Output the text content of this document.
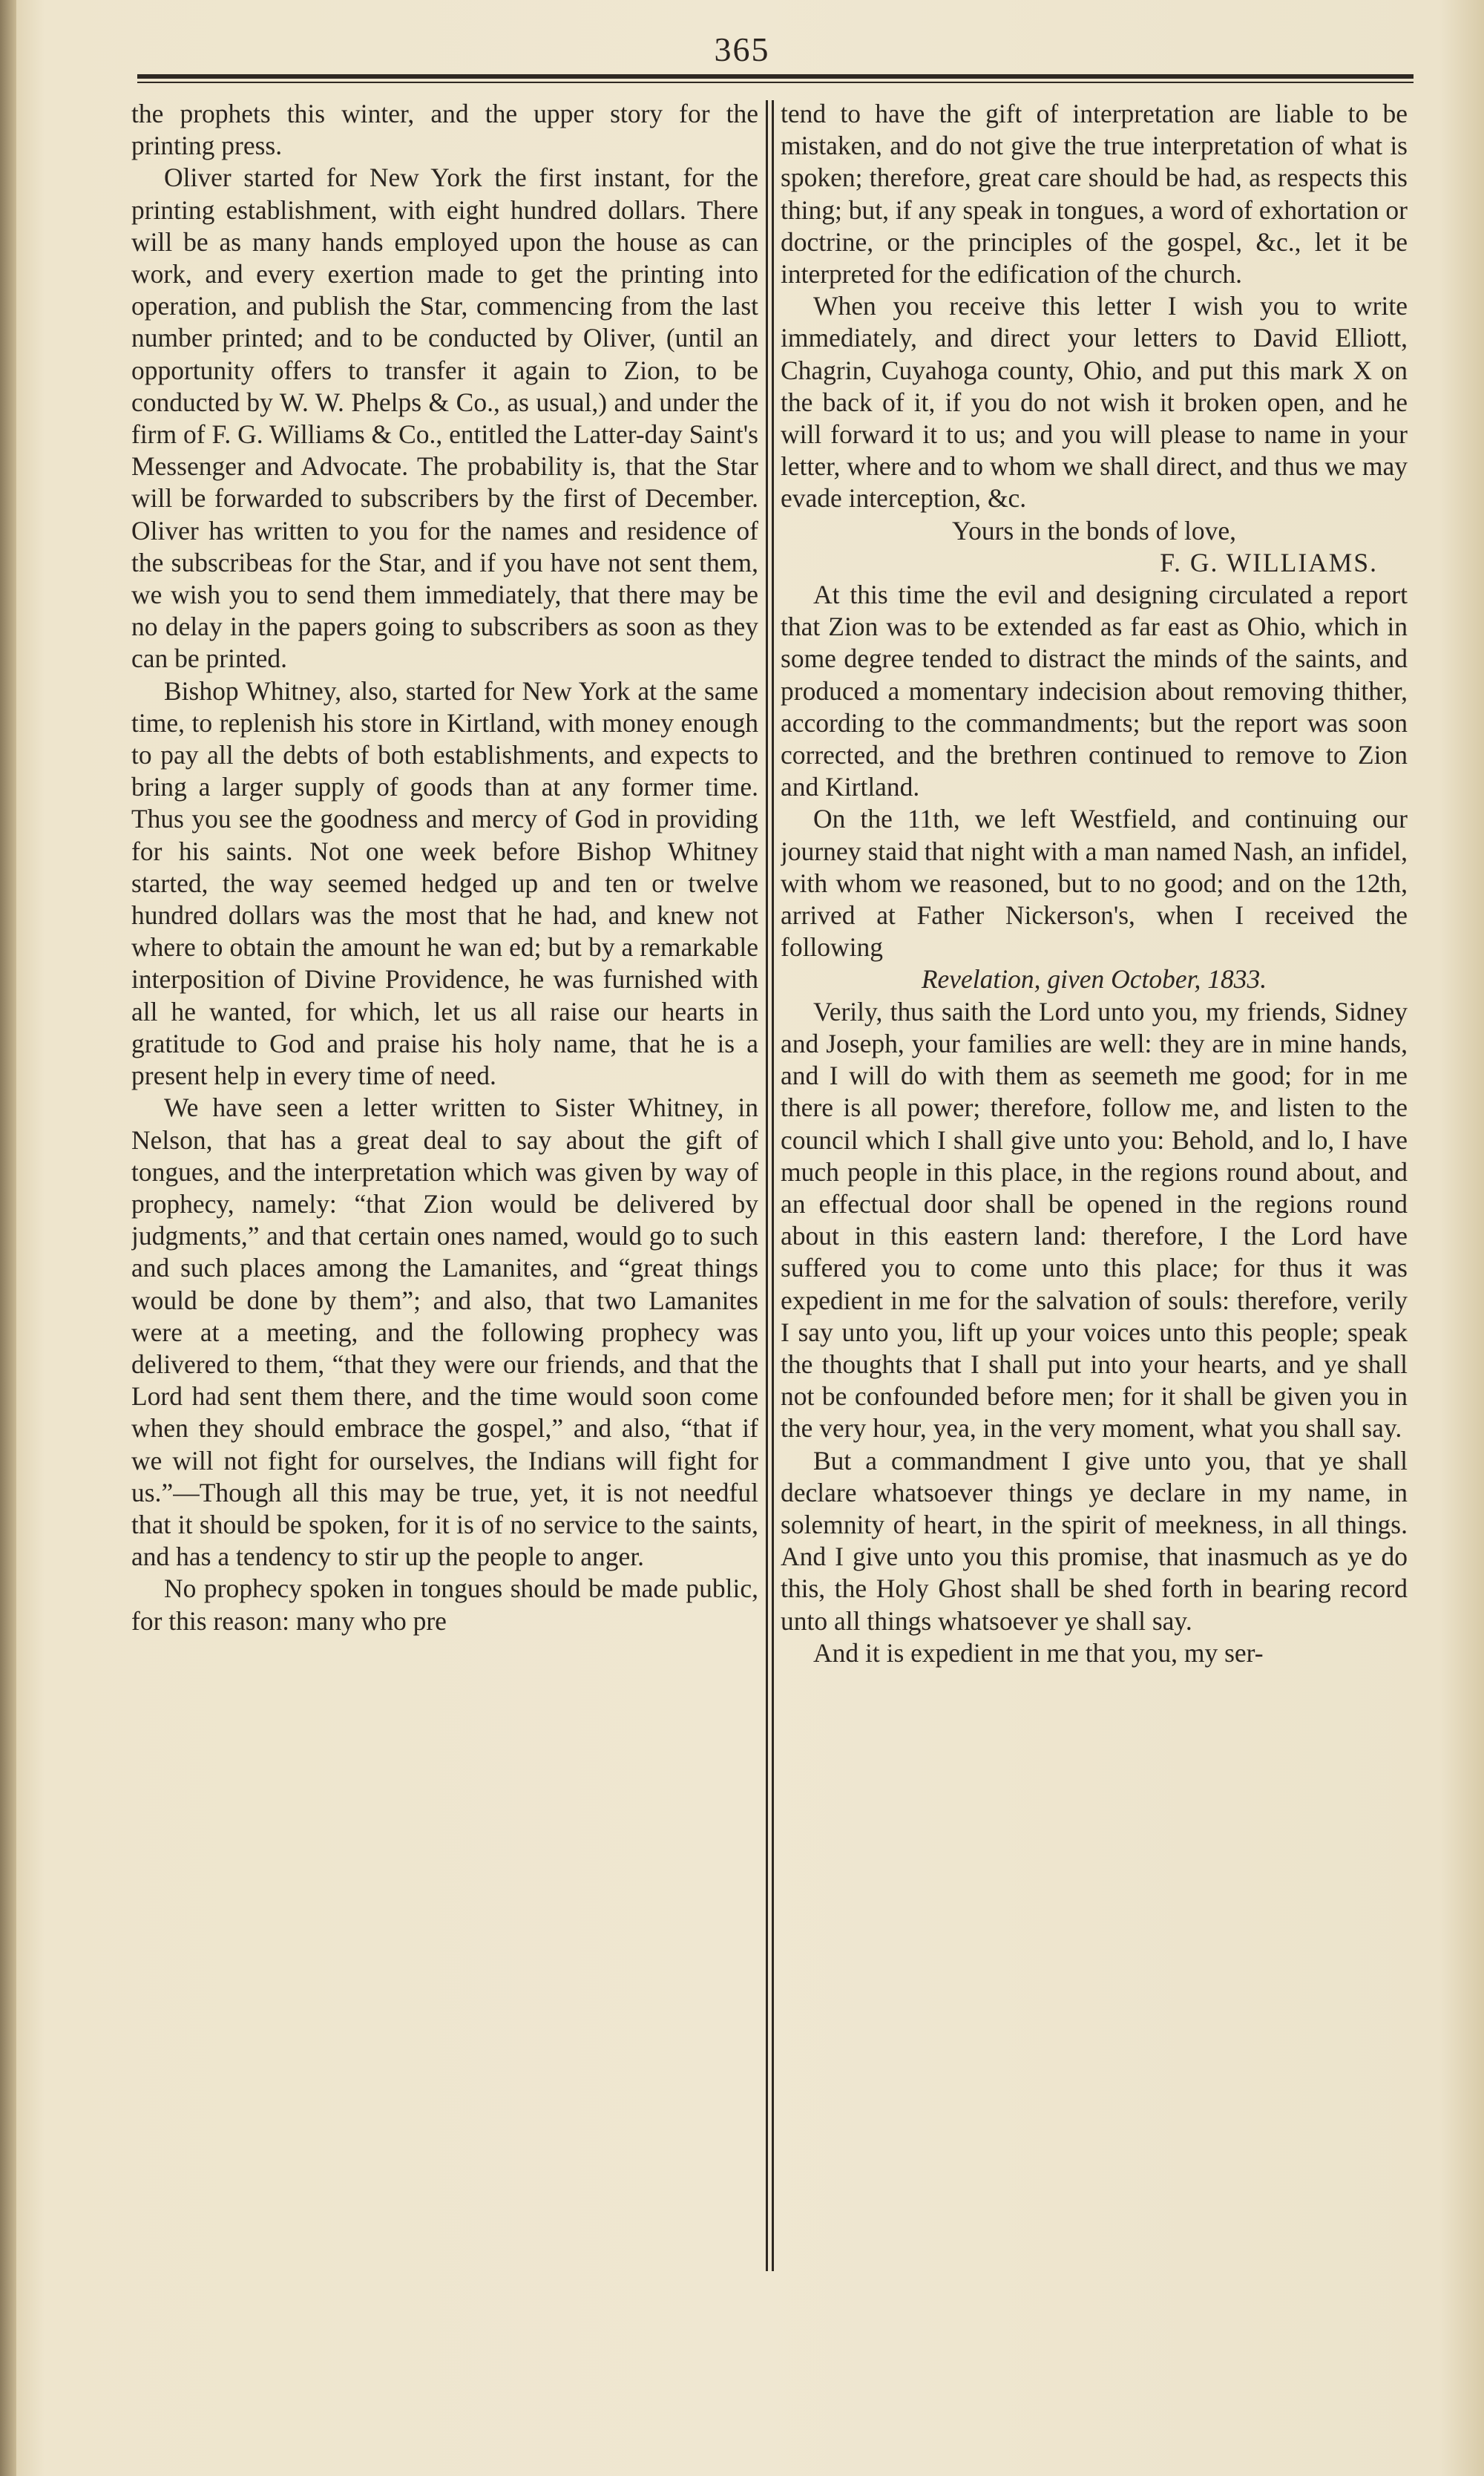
365

the prophets this winter, and the upper story for the printing press.

Oliver started for New York the first instant, for the printing establishment, with eight hundred dollars. There will be as many hands employed upon the house as can work, and every exertion made to get the printing into operation, and publish the Star, commencing from the last number printed; and to be conducted by Oliver, (until an opportunity offers to transfer it again to Zion, to be conducted by W. W. Phelps & Co., as usual,) and under the firm of F. G. Williams & Co., entitled the Latter-day Saint's Messenger and Advocate. The probability is, that the Star will be forwarded to subscribers by the first of December. Oliver has written to you for the names and residence of the subscribeas for the Star, and if you have not sent them, we wish you to send them immediately, that there may be no delay in the papers going to subscribers as soon as they can be printed.

Bishop Whitney, also, started for New York at the same time, to replenish his store in Kirtland, with money enough to pay all the debts of both establishments, and expects to bring a larger supply of goods than at any former time. Thus you see the goodness and mercy of God in providing for his saints. Not one week before Bishop Whitney started, the way seemed hedged up and ten or twelve hundred dollars was the most that he had, and knew not where to obtain the amount he wan ed; but by a remarkable interposition of Divine Providence, he was furnished with all he wanted, for which, let us all raise our hearts in gratitude to God and praise his holy name, that he is a present help in every time of need.

We have seen a letter written to Sister Whitney, in Nelson, that has a great deal to say about the gift of tongues, and the interpretation which was given by way of prophecy, namely: “that Zion would be delivered by judgments,” and that certain ones named, would go to such and such places among the Lamanites, and “great things would be done by them”; and also, that two Lamanites were at a meeting, and the following prophecy was delivered to them, “that they were our friends, and that the Lord had sent them there, and the time would soon come when they should embrace the gospel,” and also, “that if we will not fight for ourselves, the Indians will fight for us.”—Though all this may be true, yet, it is not needful that it should be spoken, for it is of no service to the saints, and has a tendency to stir up the people to anger.

No prophecy spoken in tongues should be made public, for this reason: many who pre

tend to have the gift of interpretation are liable to be mistaken, and do not give the true interpretation of what is spoken; therefore, great care should be had, as respects this thing; but, if any speak in tongues, a word of exhortation or doctrine, or the principles of the gospel, &c., let it be interpreted for the edification of the church.

When you receive this letter I wish you to write immediately, and direct your letters to David Elliott, Chagrin, Cuyahoga county, Ohio, and put this mark X on the back of it, if you do not wish it broken open, and he will forward it to us; and you will please to name in your letter, where and to whom we shall direct, and thus we may evade interception, &c.

Yours in the bonds of love,

F. G. WILLIAMS.

At this time the evil and designing circulated a report that Zion was to be extended as far east as Ohio, which in some degree tended to distract the minds of the saints, and produced a momentary indecision about removing thither, according to the commandments; but the report was soon corrected, and the brethren continued to remove to Zion and Kirtland.

On the 11th, we left Westfield, and continuing our journey staid that night with a man named Nash, an infidel, with whom we reasoned, but to no good; and on the 12th, arrived at Father Nickerson's, when I received the following

Revelation, given October, 1833.

Verily, thus saith the Lord unto you, my friends, Sidney and Joseph, your families are well: they are in mine hands, and I will do with them as seemeth me good; for in me there is all power; therefore, follow me, and listen to the council which I shall give unto you: Behold, and lo, I have much people in this place, in the regions round about, and an effectual door shall be opened in the regions round about in this eastern land: therefore, I the Lord have suffered you to come unto this place; for thus it was expedient in me for the salvation of souls: therefore, verily I say unto you, lift up your voices unto this people; speak the thoughts that I shall put into your hearts, and ye shall not be confounded before men; for it shall be given you in the very hour, yea, in the very moment, what you shall say.

But a commandment I give unto you, that ye shall declare whatsoever things ye declare in my name, in solemnity of heart, in the spirit of meekness, in all things. And I give unto you this promise, that inasmuch as ye do this, the Holy Ghost shall be shed forth in bearing record unto all things whatsoever ye shall say.

And it is expedient in me that you, my ser-
